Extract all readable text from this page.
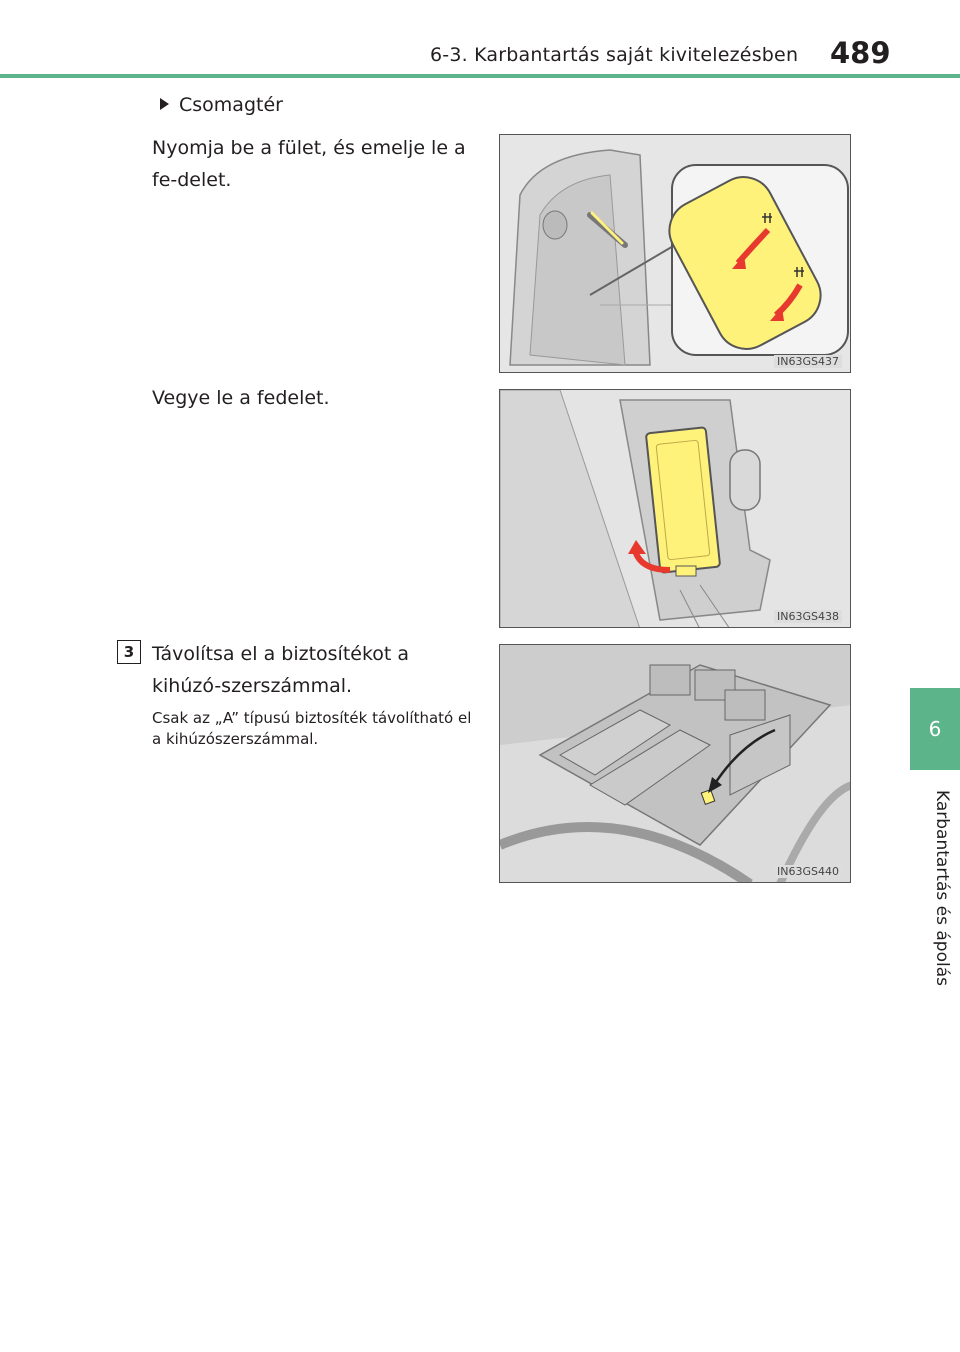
6-3. Karbantartás saját kivitelezésben 489
6
Karbantartás és ápolás
Csomagtér
Nyomja be a fület, és emelje le a fe-delet.
Vegye le a fedelet.
3 Távolítsa el a biztosítékot a kihúzó-szerszámmal.
Csak az „A” típusú biztosíték távolítható el a kihúzószerszámmal.
IN63GS437
IN63GS438
IN63GS440
